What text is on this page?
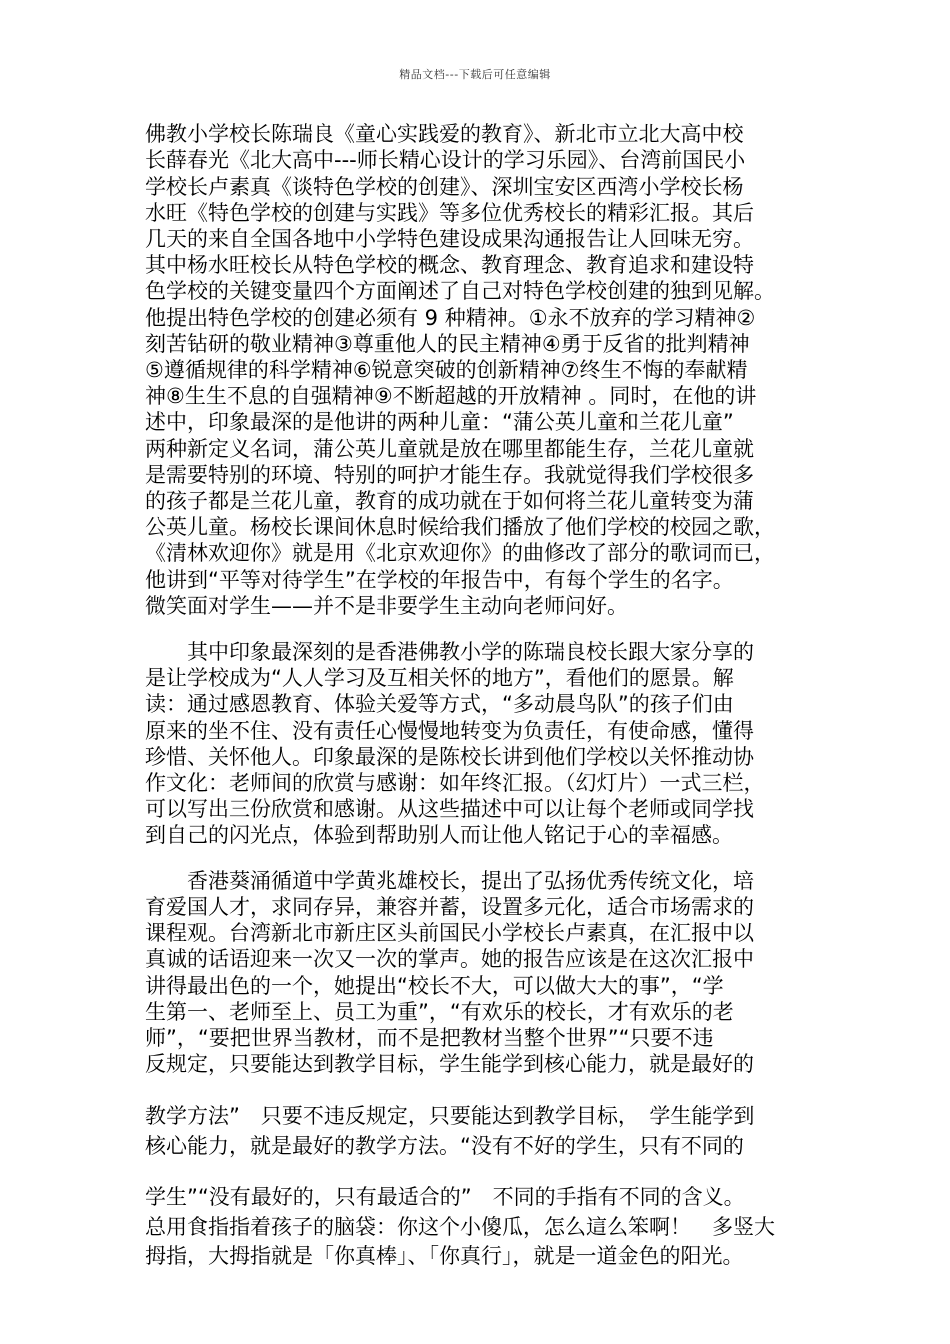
精品文档---下载后可任意编辑
佛教小学校长陈瑞良《童心实践爱的教育》、新北市立北大高中校
长薛春光《北大高中---师长精心设计的学习乐园》、台湾前国民小
学校长卢素真《谈特色学校的创建》、深圳宝安区西湾小学校长杨
水旺《特色学校的创建与实践》等多位优秀校长的精彩汇报。其后
几天的来自全国各地中小学特色建设成果沟通报告让人回味无穷。
其中杨水旺校长从特色学校的概念、教育理念、教育追求和建设特
色学校的关键变量四个方面阐述了自己对特色学校创建的独到见解。
他提出特色学校的创建必须有 9 种精神。①永不放弃的学习精神②
刻苦钻研的敬业精神③尊重他人的民主精神④勇于反省的批判精神
⑤遵循规律的科学精神⑥锐意突破的创新精神⑦终生不悔的奉献精
神⑧生生不息的自强精神⑨不断超越的开放精神 。同时，在他的讲
述中，印象最深的是他讲的两种儿童：“蒲公英儿童和兰花儿童”
两种新定义名词，蒲公英儿童就是放在哪里都能生存，兰花儿童就
是需要特别的环境、特别的呵护才能生存。我就觉得我们学校很多
的孩子都是兰花儿童，教育的成功就在于如何将兰花儿童转变为蒲
公英儿童。杨校长课间休息时候给我们播放了他们学校的校园之歌，
《清林欢迎你》就是用《北京欢迎你》的曲修改了部分的歌词而已，
他讲到“平等对待学生”在学校的年报告中，有每个学生的名字。
微笑面对学生——并不是非要学生主动向老师问好。
　　其中印象最深刻的是香港佛教小学的陈瑞良校长跟大家分享的
是让学校成为“人人学习及互相关怀的地方”，看他们的愿景。解
读：通过感恩教育、体验关爱等方式，“多动晨鸟队”的孩子们由
原来的坐不住、没有责任心慢慢地转变为负责任，有使命感，懂得
珍惜、关怀他人。印象最深的是陈校长讲到他们学校以关怀推动协
作文化：老师间的欣赏与感谢：如年终汇报。（幻灯片）一式三栏，
可以写出三份欣赏和感谢。从这些描述中可以让每个老师或同学找
到自己的闪光点，体验到帮助别人而让他人铭记于心的幸福感。
　　香港葵涌循道中学黄兆雄校长，提出了弘扬优秀传统文化，培
育爱国人才，求同存异，兼容并蓄，设置多元化，适合市场需求的
课程观。台湾新北市新庄区头前国民小学校长卢素真，在汇报中以
真诚的话语迎来一次又一次的掌声。她的报告应该是在这次汇报中
讲得最出色的一个，她提出“校长不大，可以做大大的事”，“学
生第一、老师至上、员工为重”，“有欢乐的校长，才有欢乐的老
师”，“要把世界当教材，而不是把教材当整个世界”“只要不违
反规定，只要能达到教学目标，学生能学到核心能力，就是最好的
教学方法”　只要不违反规定，只要能达到教学目标，　学生能学到
核心能力，就是最好的教学方法。“没有不好的学生，只有不同的
学生”“没有最好的，只有最适合的”　不同的手指有不同的含义。
总用食指指着孩子的脑袋：你这个小傻瓜，怎么這么笨啊！　多竖大
拇指，大拇指就是「你真棒」、「你真行」，就是一道金色的阳光。
